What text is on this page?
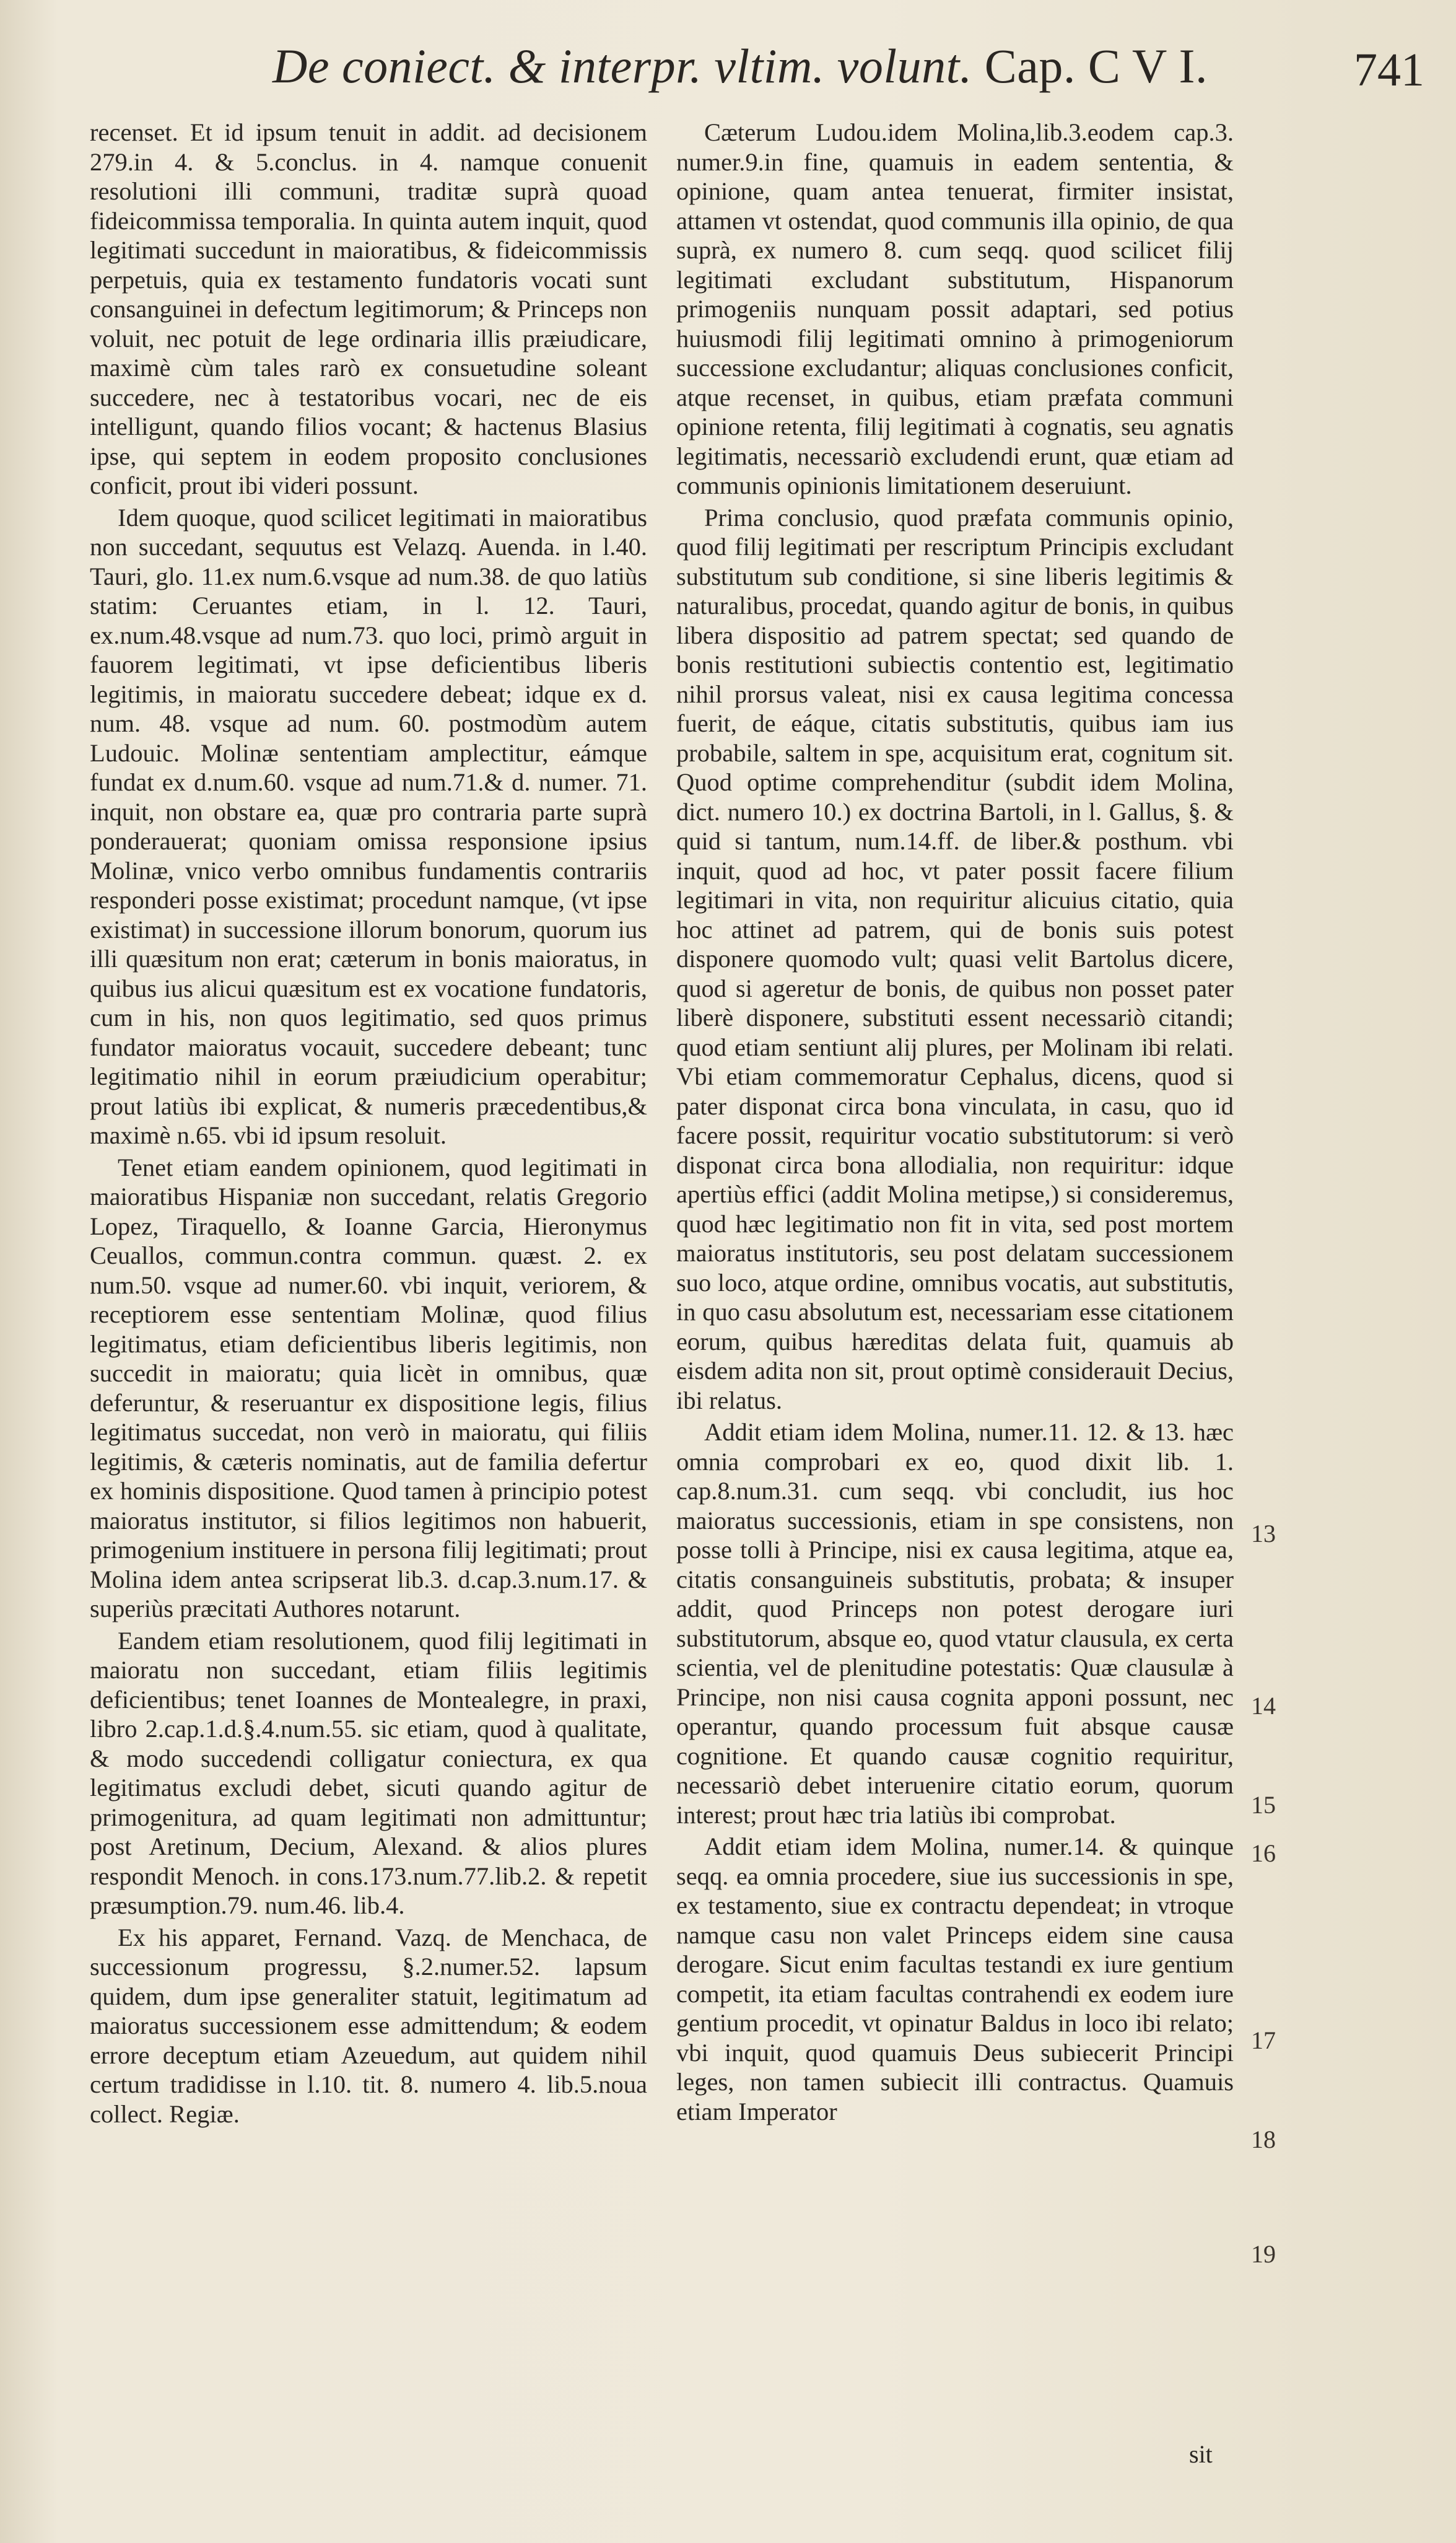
De coniect. & interpr. vltim. volunt. Cap. C V I.	741

recenset. Et id ipsum tenuit in addit. ad decisionem 279.in 4. & 5.conclus. in 4. namque conuenit resolutioni illi communi, traditæ suprà quoad fideicommissa temporalia. In quinta autem inquit, quod legitimati succedunt in maioratibus, & fideicommissis perpetuis, quia ex testamento fundatoris vocati sunt consanguinei in defectum legitimorum; & Princeps non voluit, nec potuit de lege ordinaria illis præiudicare, maximè cùm tales rarò ex consuetudine soleant succedere, nec à testatoribus vocari, nec de eis intelligunt, quando filios vocant; & hactenus Blasius ipse, qui septem in eodem proposito conclusiones conficit, prout ibi videri possunt.

Idem quoque, quod scilicet legitimati in maioratibus non succedant, sequutus est Velazq. Auenda. in l.40. Tauri, glo. 11.ex num.6.vsque ad num.38. de quo latiùs statim: Ceruantes etiam, in l. 12. Tauri, ex.num.48.vsque ad num.73. quo loci, primò arguit in fauorem legitimati, vt ipse deficientibus liberis legitimis, in maioratu succedere debeat; idque ex d. num. 48. vsque ad num. 60. postmodùm autem Ludouic. Molinæ sententiam amplectitur, eámque fundat ex d.num.60. vsque ad num.71.& d. numer. 71. inquit, non obstare ea, quæ pro contraria parte suprà ponderauerat; quoniam omissa responsione ipsius Molinæ, vnico verbo omnibus fundamentis contrariis responderi posse existimat; procedunt namque, (vt ipse existimat) in successione illorum bonorum, quorum ius illi quæsitum non erat; cæterum in bonis maioratus, in quibus ius alicui quæsitum est ex vocatione fundatoris, cum in his, non quos legitimatio, sed quos primus fundator maioratus vocauit, succedere debeant; tunc legitimatio nihil in eorum præiudicium operabitur; prout latiùs ibi explicat, & numeris præcedentibus,& maximè n.65. vbi id ipsum resoluit.

Tenet etiam eandem opinionem, quod legitimati in maioratibus Hispaniæ non succedant, relatis Gregorio Lopez, Tiraquello, & Ioanne Garcia, Hieronymus Ceuallos, commun.contra commun. quæst. 2. ex num.50. vsque ad numer.60. vbi inquit, veriorem, & receptiorem esse sententiam Molinæ, quod filius legitimatus, etiam deficientibus liberis legitimis, non succedit in maioratu; quia licèt in omnibus, quæ deferuntur, & reseruantur ex dispositione legis, filius legitimatus succedat, non verò in maioratu, qui filiis legitimis, & cæteris nominatis, aut de familia defertur ex hominis dispositione. Quod tamen à principio potest maioratus institutor, si filios legitimos non habuerit, primogenium instituere in persona filij legitimati; prout Molina idem antea scripserat lib.3. d.cap.3.num.17. & superiùs præcitati Authores notarunt.

Eandem etiam resolutionem, quod filij legitimati in maioratu non succedant, etiam filiis legitimis deficientibus; tenet Ioannes de Montealegre, in praxi, libro 2.cap.1.d.§.4.num.55. sic etiam, quod à qualitate, & modo succedendi colligatur coniectura, ex qua legitimatus excludi debet, sicuti quando agitur de primogenitura, ad quam legitimati non admittuntur; post Aretinum, Decium, Alexand. & alios plures respondit Menoch. in cons.173.num.77.lib.2. & repetit præsumption.79. num.46. lib.4.

Ex his apparet, Fernand. Vazq. de Menchaca, de successionum progressu, §.2.numer.52. lapsum quidem, dum ipse generaliter statuit, legitimatum ad maioratus successionem esse admittendum; & eodem errore deceptum etiam Azeuedum, aut quidem nihil certum tradidisse in l.10. tit. 8. numero 4. lib.5.noua collect. Regiæ.

Cæterum Ludou.idem Molina,lib.3.eodem cap.3. numer.9.in fine, quamuis in eadem sententia, & opinione, quam antea tenuerat, firmiter insistat, attamen vt ostendat, quod communis illa opinio, de qua suprà, ex numero 8. cum seqq. quod scilicet filij legitimati excludant substitutum, Hispanorum primogeniis nunquam possit adaptari, sed potius huiusmodi filij legitimati omnino à primogeniorum successione excludantur; aliquas conclusiones conficit, atque recenset, in quibus, etiam præfata communi opinione retenta, filij legitimati à cognatis, seu agnatis legitimatis, necessariò excludendi erunt, quæ etiam ad communis opinionis limitationem deseruiunt.

Prima conclusio, quod præfata communis opinio, quod filij legitimati per rescriptum Principis excludant substitutum sub conditione, si sine liberis legitimis & naturalibus, procedat, quando agitur de bonis, in quibus libera dispositio ad patrem spectat; sed quando de bonis restitutioni subiectis contentio est, legitimatio nihil prorsus valeat, nisi ex causa legitima concessa fuerit, de eáque, citatis substitutis, quibus iam ius probabile, saltem in spe, acquisitum erat, cognitum sit. Quod optime comprehenditur (subdit idem Molina, dict. numero 10.) ex doctrina Bartoli, in l. Gallus, §. & quid si tantum, num.14.ff. de liber.& posthum. vbi inquit, quod ad hoc, vt pater possit facere filium legitimari in vita, non requiritur alicuius citatio, quia hoc attinet ad patrem, qui de bonis suis potest disponere quomodo vult; quasi velit Bartolus dicere, quod si ageretur de bonis, de quibus non posset pater liberè disponere, substituti essent necessariò citandi; quod etiam sentiunt alij plures, per Molinam ibi relati. Vbi etiam commemoratur Cephalus, dicens, quod si pater disponat circa bona vinculata, in casu, quo id facere possit, requiritur vocatio substitutorum: si verò disponat circa bona allodialia, non requiritur: idque apertiùs effici (addit Molina metipse,) si consideremus, quod hæc legitimatio non fit in vita, sed post mortem maioratus institutoris, seu post delatam successionem suo loco, atque ordine, omnibus vocatis, aut substitutis, in quo casu absolutum est, necessariam esse citationem eorum, quibus hæreditas delata fuit, quamuis ab eisdem adita non sit, prout optimè considerauit Decius, ibi relatus.

Addit etiam idem Molina, numer.11. 12. & 13. hæc omnia comprobari ex eo, quod dixit lib. 1. cap.8.num.31. cum seqq. vbi concludit, ius hoc maioratus successionis, etiam in spe consistens, non posse tolli à Principe, nisi ex causa legitima, atque ea, citatis consanguineis substitutis, probata; & insuper addit, quod Princeps non potest derogare iuri substitutorum, absque eo, quod vtatur clausula, ex certa scientia, vel de plenitudine potestatis: Quæ clausulæ à Principe, non nisi causa cognita apponi possunt, nec operantur, quando processum fuit absque causæ cognitione. Et quando causæ cognitio requiritur, necessariò debet interuenire citatio eorum, quorum interest; prout hæc tria latiùs ibi comprobat.

Addit etiam idem Molina, numer.14. & quinque seqq. ea omnia procedere, siue ius successionis in spe, ex testamento, siue ex contractu dependeat; in vtroque namque casu non valet Princeps eidem sine causa derogare. Sicut enim facultas testandi ex iure gentium competit, ita etiam facultas contrahendi ex eodem iure gentium procedit, vt opinatur Baldus in loco ibi relato; vbi inquit, quod quamuis Deus subiecerit Principi leges, non tamen subiecit illi contractus. Quamuis etiam Imperator

13
14
15
16
17
18
19
sit
